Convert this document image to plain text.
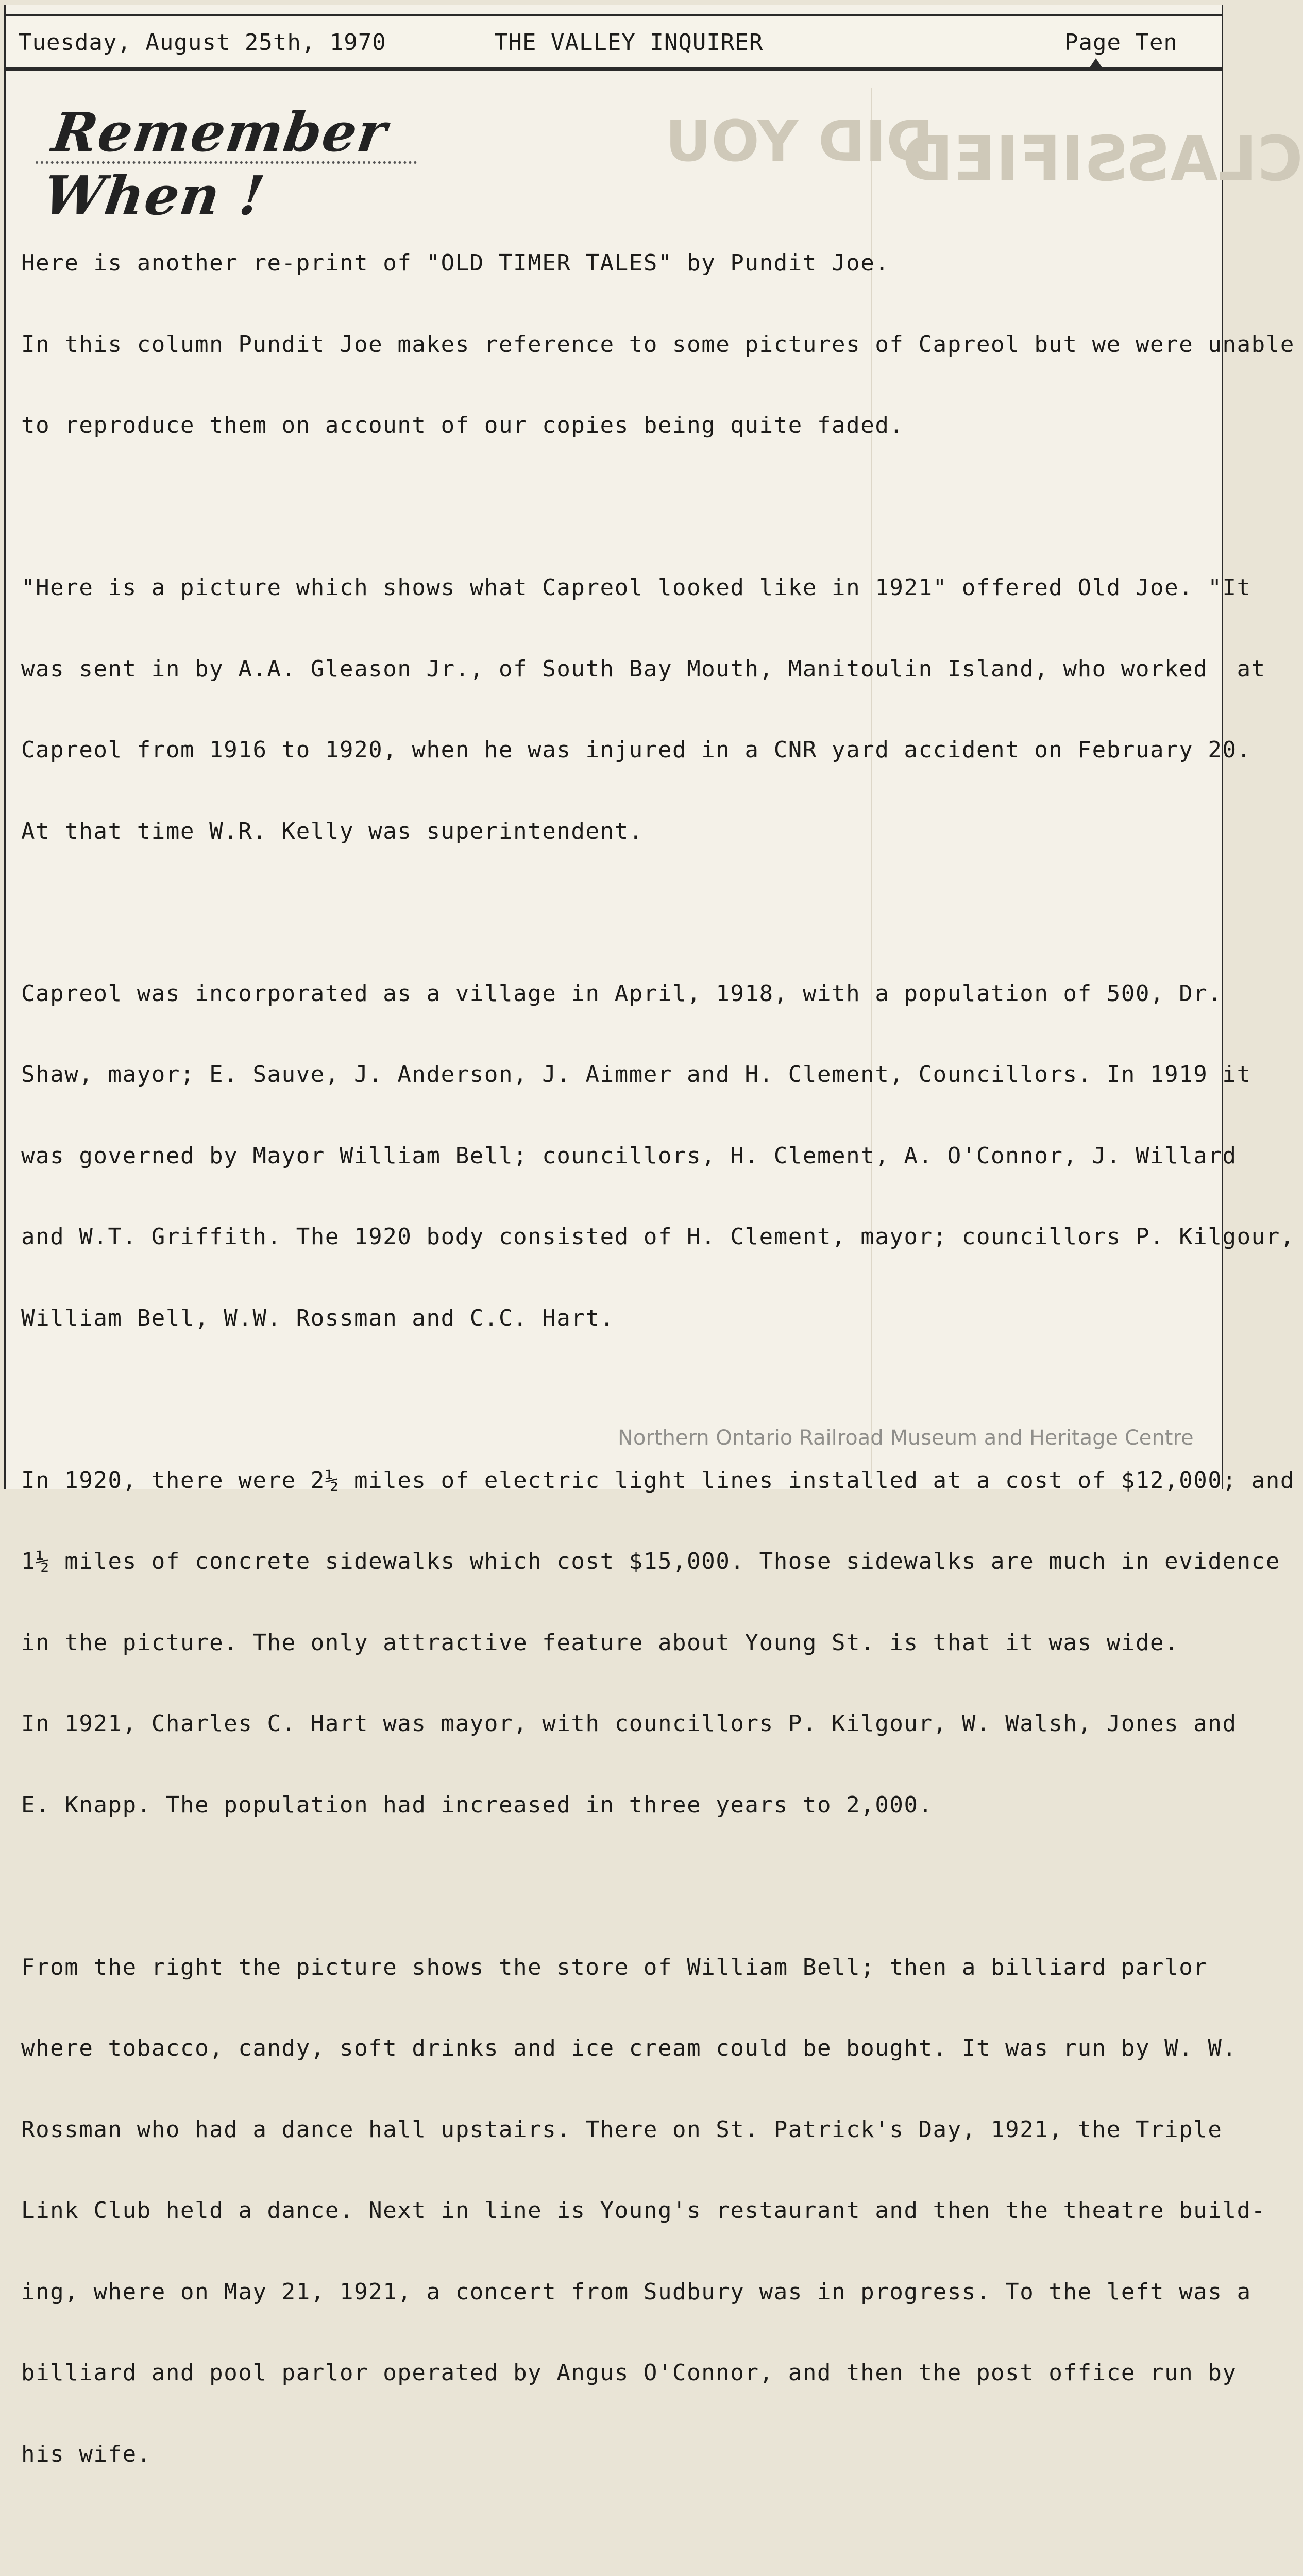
CLASSIFIED
DID YOU
Tuesday, August 25th, 1970	THE VALLEY INQUIRER	Page Ten
Remember When !

Here is another re-print of "OLD TIMER TALES" by Pundit Joe.

In this column Pundit Joe makes reference to some pictures of Capreol but we were unable

to reproduce them on account of our copies being quite faded.

"Here is a picture which shows what Capreol looked like in 1921" offered Old Joe. "It

was sent in by A.A. Gleason Jr., of South Bay Mouth, Manitoulin Island, who worked  at

Capreol from 1916 to 1920, when he was injured in a CNR yard accident on February 20.

At that time W.R. Kelly was superintendent.

Capreol was incorporated as a village in April, 1918, with a population of 500, Dr.

Shaw, mayor; E. Sauve, J. Anderson, J. Aimmer and H. Clement, Councillors. In 1919 it

was governed by Mayor William Bell; councillors, H. Clement, A. O'Connor, J. Willard

and W.T. Griffith. The 1920 body consisted of H. Clement, mayor; councillors P. Kilgour,

William Bell, W.W. Rossman and C.C. Hart.

In 1920, there were 2½ miles of electric light lines installed at a cost of $12,000; and

1½ miles of concrete sidewalks which cost $15,000. Those sidewalks are much in evidence

in the picture. The only attractive feature about Young St. is that it was wide.

In 1921, Charles C. Hart was mayor, with councillors P. Kilgour, W. Walsh, Jones and

E. Knapp. The population had increased in three years to 2,000.

From the right the picture shows the store of William Bell; then a billiard parlor

where tobacco, candy, soft drinks and ice cream could be bought. It was run by W. W.

Rossman who had a dance hall upstairs. There on St. Patrick's Day, 1921, the Triple

Link Club held a dance. Next in line is Young's restaurant and then the theatre build-

ing, where on May 21, 1921, a concert from Sudbury was in progress. To the left was a

billiard and pool parlor operated by Angus O'Connor, and then the post office run by

his wife.

Northern Ontario Railroad Museum and Heritage Centre
